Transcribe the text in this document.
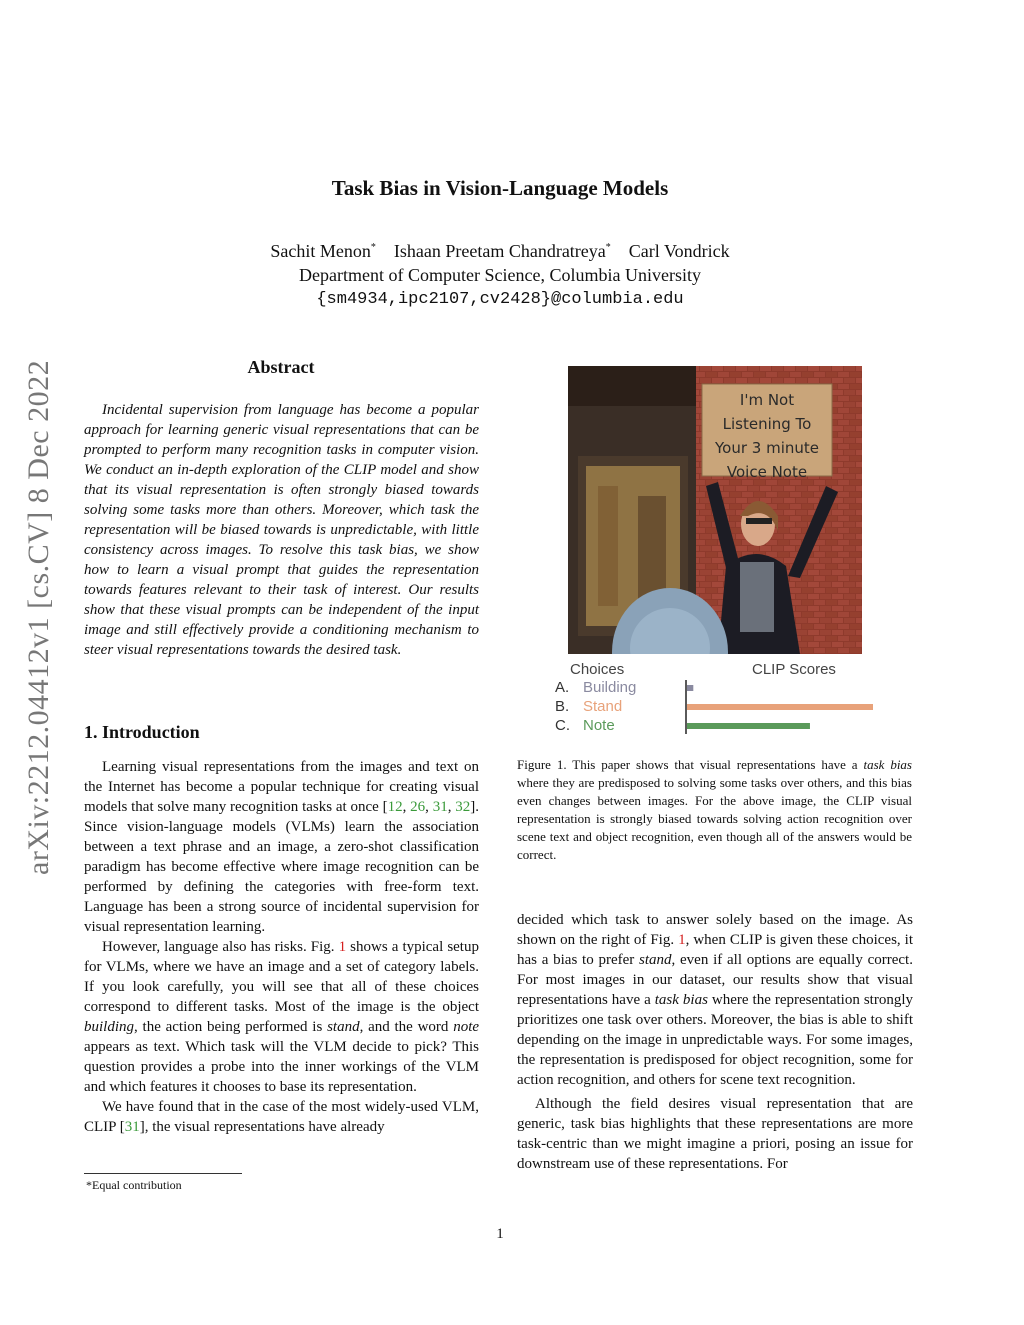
arXiv:2212.04412v1 [cs.CV] 8 Dec 2022
Task Bias in Vision-Language Models
Sachit Menon* Ishaan Preetam Chandratreya* Carl Vondrick
Department of Computer Science, Columbia University
{sm4934,ipc2107,cv2428}@columbia.edu
Abstract
Incidental supervision from language has become a popular approach for learning generic visual representations that can be prompted to perform many recognition tasks in computer vision. We conduct an in-depth exploration of the CLIP model and show that its visual representation is often strongly biased towards solving some tasks more than others. Moreover, which task the representation will be biased towards is unpredictable, with little consistency across images. To resolve this task bias, we show how to learn a visual prompt that guides the representation towards features relevant to their task of interest. Our results show that these visual prompts can be independent of the input image and still effectively provide a conditioning mechanism to steer visual representations towards the desired task.
1. Introduction

Learning visual representations from the images and text on the Internet has become a popular technique for creating visual models that solve many recognition tasks at once [12, 26, 31, 32]. Since vision-language models (VLMs) learn the association between a text phrase and an image, a zero-shot classification paradigm has become effective where image recognition can be performed by defining the categories with free-form text. Language has been a strong source of incidental supervision for visual representation learning.

However, language also has risks. Fig. 1 shows a typical setup for VLMs, where we have an image and a set of category labels. If you look carefully, you will see that all of these choices correspond to different tasks. Most of the image is the object building, the action being performed is stand, and the word note appears as text. Which task will the VLM decide to pick? This question provides a probe into the inner workings of the VLM and which features it chooses to base its representation.

We have found that in the case of the most widely-used VLM, CLIP [31], the visual representations have already

*Equal contribution
I'm Not
Listening To
Your 3 minute
Voice Note
Choices	CLIP Scores
A. Building
B. Stand
C. Note
Figure 1. This paper shows that visual representations have a task bias where they are predisposed to solving some tasks over others, and this bias even changes between images. For the above image, the CLIP visual representation is strongly biased towards solving action recognition over scene text and object recognition, even though all of the answers would be correct.

decided which task to answer solely based on the image. As shown on the right of Fig. 1, when CLIP is given these choices, it has a bias to prefer stand, even if all options are equally correct. For most images in our dataset, our results show that visual representations have a task bias where the representation strongly prioritizes one task over others. Moreover, the bias is able to shift depending on the image in unpredictable ways. For some images, the representation is predisposed for object recognition, some for action recognition, and others for scene text recognition.

Although the field desires visual representation that are generic, task bias highlights that these representations are more task-centric than we might imagine a priori, posing an issue for downstream use of these representations. For

1
